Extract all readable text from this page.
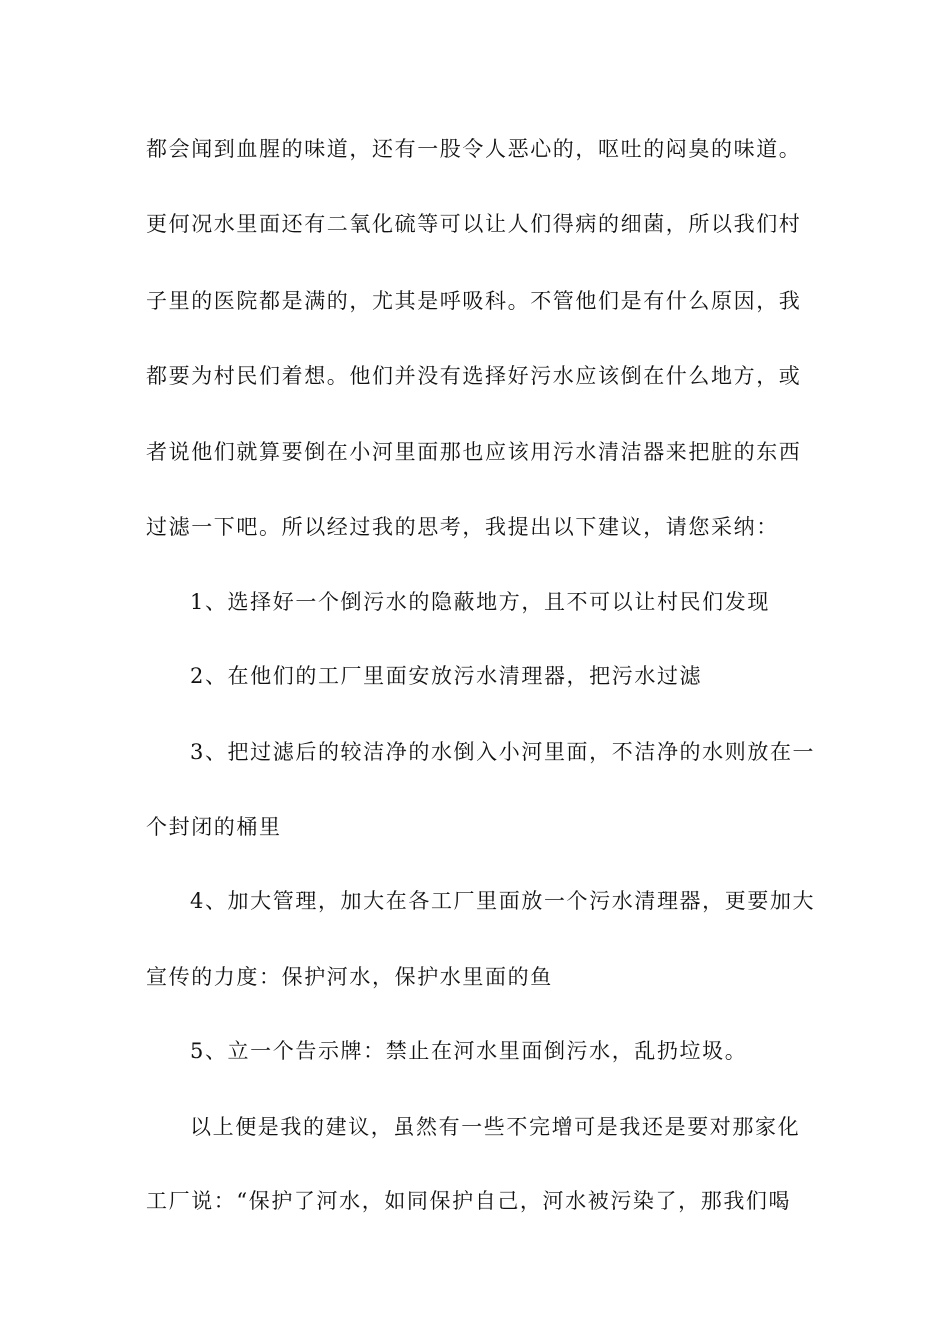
都会闻到血腥的味道，还有一股令人恶心的，呕吐的闷臭的味道。
更何况水里面还有二氧化硫等可以让人们得病的细菌，所以我们村
子里的医院都是满的，尤其是呼吸科。不管他们是有什么原因，我
都要为村民们着想。他们并没有选择好污水应该倒在什么地方，或
者说他们就算要倒在小河里面那也应该用污水清洁器来把脏的东西
过滤一下吧。所以经过我的思考，我提出以下建议，请您采纳：
1、选择好一个倒污水的隐蔽地方，且不可以让村民们发现
2、在他们的工厂里面安放污水清理器，把污水过滤
3、把过滤后的较洁净的水倒入小河里面，不洁净的水则放在一
个封闭的桶里
4、加大管理，加大在各工厂里面放一个污水清理器，更要加大
宣传的力度：保护河水，保护水里面的鱼
5、立一个告示牌：禁止在河水里面倒污水，乱扔垃圾。
以上便是我的建议，虽然有一些不完增可是我还是要对那家化
工厂说：“保护了河水，如同保护自己，河水被污染了，那我们喝
